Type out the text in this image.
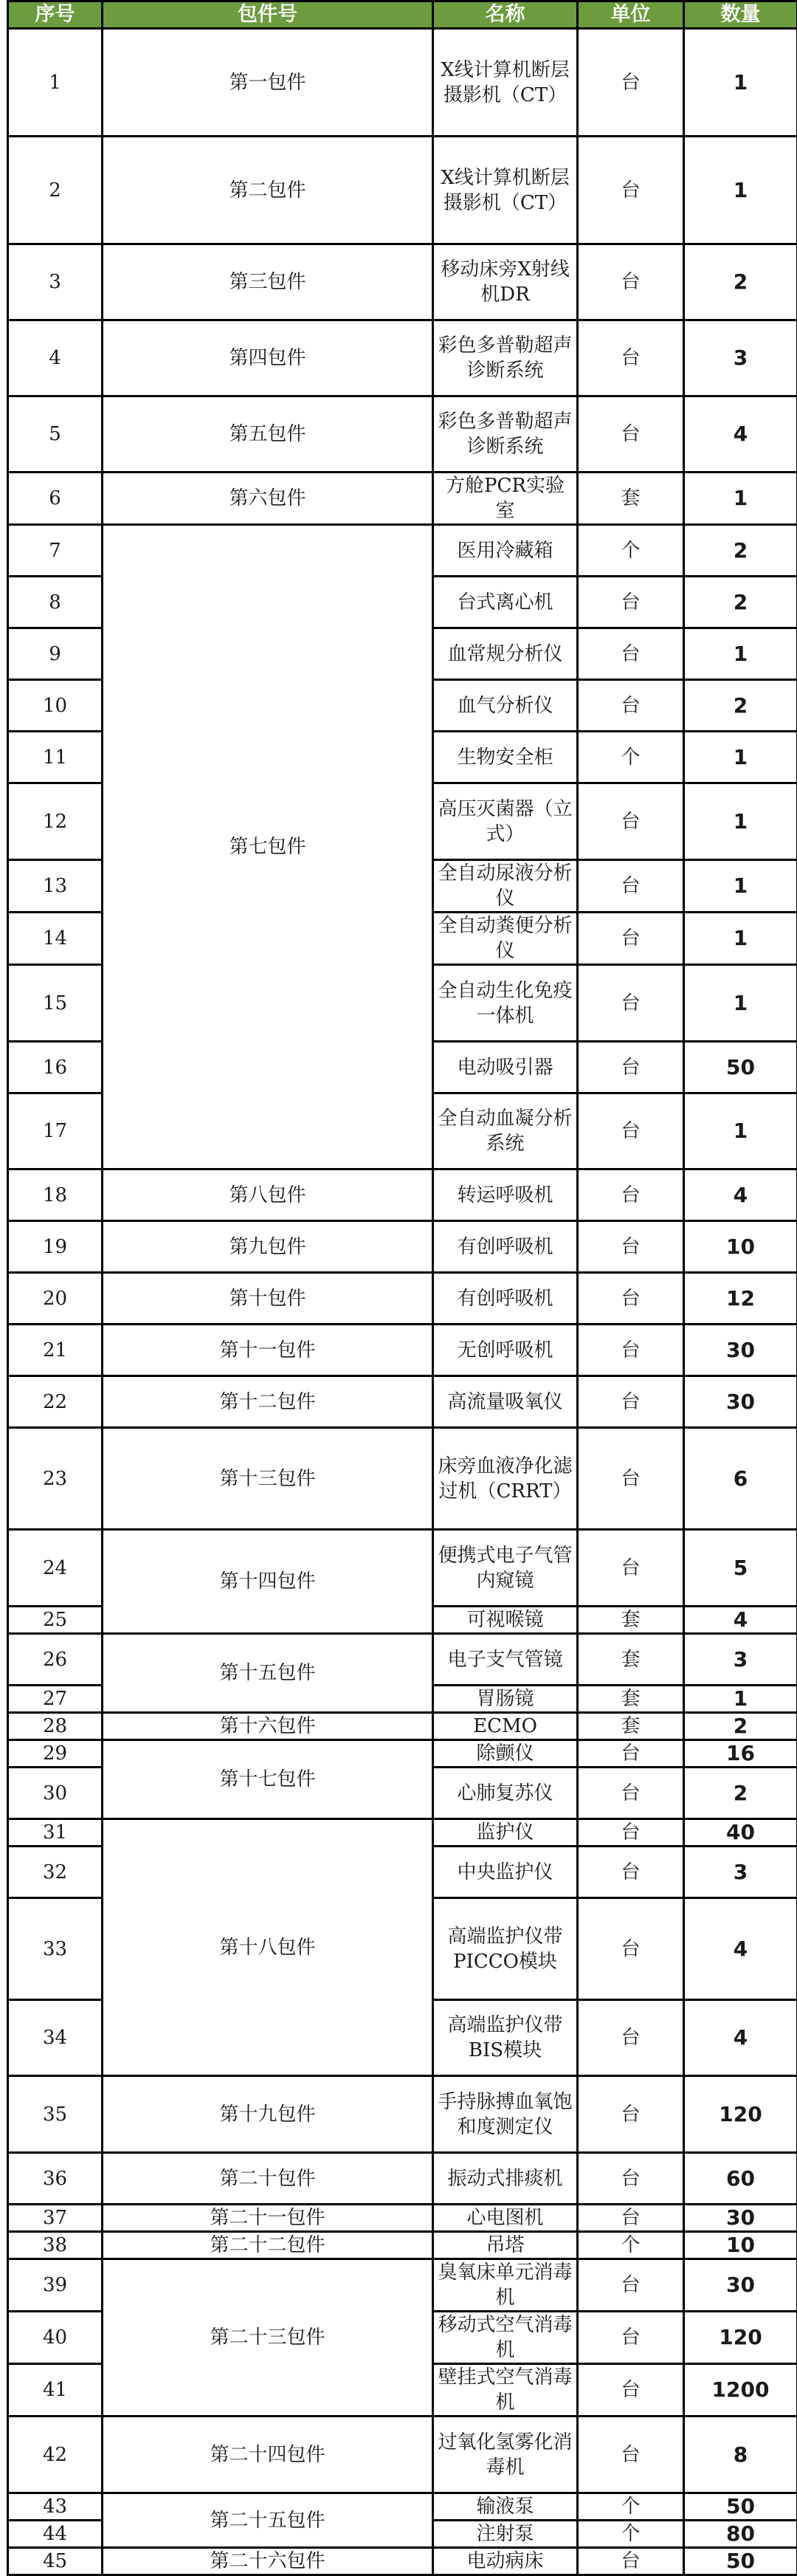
序号	包件号	名称	单位	数量
1	第一包件	X线计算机断层摄影机（CT）	台	1
2	第二包件	X线计算机断层摄影机（CT）	台	1
3	第三包件	移动床旁X射线机DR	台	2
4	第四包件	彩色多普勒超声诊断系统	台	3
5	第五包件	彩色多普勒超声诊断系统	台	4
6	第六包件	方舱PCR实验室	套	1
7	第七包件	医用冷藏箱	个	2
8		台式离心机	台	2
9		血常规分析仪	台	1
10		血气分析仪	台	2
11		生物安全柜	个	1
12		高压灭菌器（立式）	台	1
13		全自动尿液分析仪	台	1
14		全自动粪便分析仪	台	1
15		全自动生化免疫一体机	台	1
16		电动吸引器	台	50
17		全自动血凝分析系统	台	1
18	第八包件	转运呼吸机	台	4
19	第九包件	有创呼吸机	台	10
20	第十包件	有创呼吸机	台	12
21	第十一包件	无创呼吸机	台	30
22	第十二包件	高流量吸氧仪	台	30
23	第十三包件	床旁血液净化滤过机（CRRT）	台	6
24	第十四包件	便携式电子气管内窥镜	台	5
25		可视喉镜	套	4
26	第十五包件	电子支气管镜	套	3
27		胃肠镜	套	1
28	第十六包件	ECMO	套	2
29	第十七包件	除颤仪	台	16
30		心肺复苏仪	台	2
31	第十八包件	监护仪	台	40
32		中央监护仪	台	3
33		高端监护仪带PICCO模块	台	4
34		高端监护仪带BIS模块	台	4
35	第十九包件	手持脉搏血氧饱和度测定仪	台	120
36	第二十包件	振动式排痰机	台	60
37	第二十一包件	心电图机	台	30
38	第二十二包件	吊塔	个	10
39	第二十三包件	臭氧床单元消毒机	台	30
40		移动式空气消毒机	台	120
41		壁挂式空气消毒机	台	1200
42	第二十四包件	过氧化氢雾化消毒机	台	8
43	第二十五包件	输液泵	个	50
44		注射泵	个	80
45	第二十六包件	电动病床	台	50
